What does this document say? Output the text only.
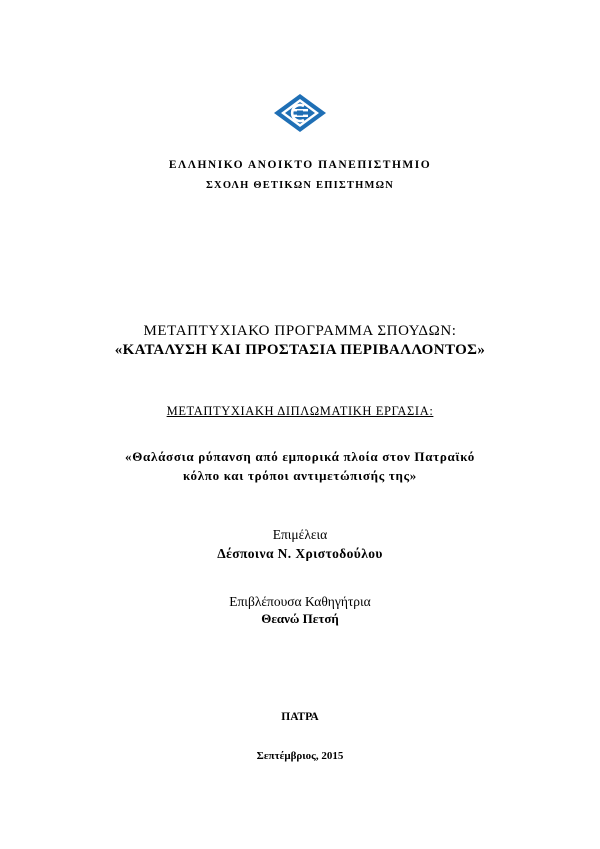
ΕΛΛΗΝΙΚΟ ΑΝΟΙΚΤΟ ΠΑΝΕΠΙΣΤΗΜΙΟ
ΣΧΟΛΗ ΘΕΤΙΚΩΝ ΕΠΙΣΤΗΜΩΝ
ΜΕΤΑΠΤΥΧΙΑΚΟ ΠΡΟΓΡΑΜΜΑ ΣΠΟΥΔΩΝ:
«ΚΑΤΑΛΥΣΗ ΚΑΙ ΠΡΟΣΤΑΣΙΑ ΠΕΡΙΒΑΛΛΟΝΤΟΣ»
ΜΕΤΑΠΤΥΧΙΑΚΗ ΔΙΠΛΩΜΑΤΙΚΗ ΕΡΓΑΣΙΑ:
«Θαλάσσια ρύπανση από εμπορικά πλοία στον Πατραϊκό
κόλπο και τρόποι αντιμετώπισής της»
Επιμέλεια
Δέσποινα Ν. Χριστοδούλου
Επιβλέπουσα Καθηγήτρια
Θεανώ Πετσή
ΠΑΤΡΑ
Σεπτέμβριος, 2015
